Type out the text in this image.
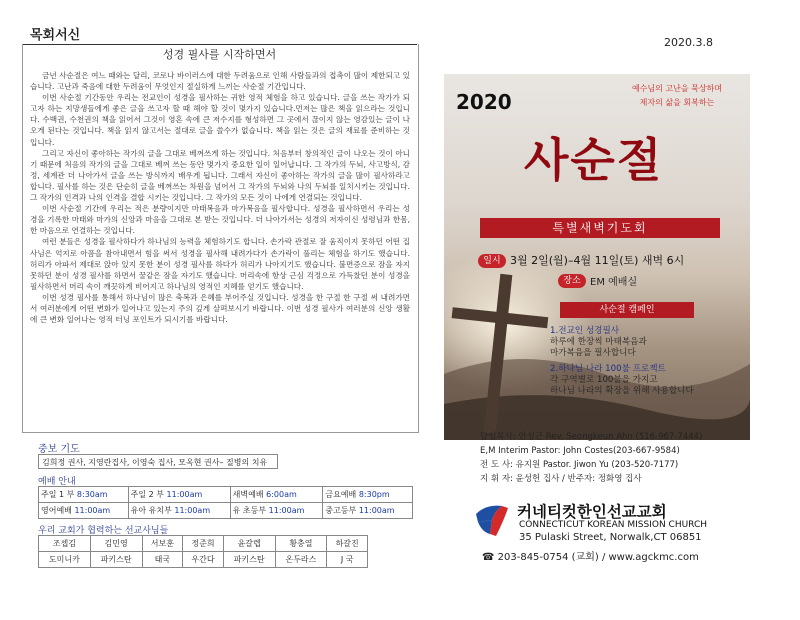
목회서신
성경 필사를 시작하면서

금년 사순절은 여느 때와는 달리, 코로나 바이러스에 대한 두려움으로 인해 사람들과의 접촉이 많이 제한되고 있습니다. 고난과 죽음에 대한 두려움이 무엇인지 절실하게 느끼는 사순절 기간입니다.

이번 사순절 기간동안 우리는 전교인이 성경을 필사하는 귀한 영적 체험을 하고 있습니다. 글을 쓰는 작가가 되고자 하는 지망생들에게 좋은 글을 쓰고자 할 때 해야 할 것이 몇가지 있습니다.먼저는 많은 책을 읽으라는 것입니다. 수백권, 수천권의 책을 읽어서 그것이 영혼 속에 큰 저수지를 형성하면 그 곳에서 끊이지 않는 영감있는 글이 나오게 된다는 것입니다. 책을 읽지 않고서는 절대로 글을 쓸수가 없습니다. 책을 읽는 것은 글의 재료를 준비하는 것입니다.

그리고 자신이 좋아하는 작가의 글을 그대로 베껴쓰게 하는 것입니다. 처음부터 창의적인 글이 나오는 것이 아니기 때문에 처음의 작가의 글을 그대로 베껴 쓰는 동안 몇가지 중요한 일이 일어납니다. 그 작가의 두뇌, 사고방식, 감정, 세계관 더 나아가서 글을 쓰는 방식까지 배우게 됩니다. 그래서 자신이 좋아하는 작가의 글을 많이 필사하라고 합니다. 필사를 하는 것은 단순히 글을 베껴쓰는 차원을 넘어서 그 작가의 두뇌와 나의 두뇌를 일치시키는 것입니다. 그 작가의 인격과 나의 인격을 결합 시키는 것입니다. 그 작가의 모든 것이 나에게 연결되는 것입니다.

이번 사순절 기간에 우리는 적은 분량이지만 마태복음과 마가복음을 필사합니다. 성경을 필사하면서 우리는 성경을 기록한 마태와 마가의 신앙과 마음을 그대로 본 받는 것입니다. 더 나아가서는 성경의 저자이신 성령님과 한몸, 한 마음으로 연결하는 것입니다.

여런 분들은 성경을 필사하다가 하나님의 능력을 체험하기도 합니다. 손가락 관절로 잘 움직이지 못하던 어떤 집사님은 억지로 아픔을 참아내면서 힘을 써서 성경을 필사해 내려가다가 손가락이 풀리는 체험을 하기도 했습니다. 허리가 아파서 제대로 앉아 있지 못한 분이 성경 필사를 하다가 허리가 나아지기도 했습니다. 불면증으로 잠을 자지 못하던 분이 성경 필사를 하면서 꿀같은 잠을 자기도 했습니다. 머리속에 항상 근심 걱정으로 가득찼던 분이 성경을 필사하면서 머리 속이 깨끗하게 비어지고 하나님의 영적인 지혜를 얻기도 했습니다.

이번 성경 필사를 통해서 하나님이 많은 축복과 은혜를 부어주실 것입니다. 성경을 한 구절 한 구절 써 내려가면서 여러분에게 어떤 변화가 일어나고 있는지 주의 깊게 살펴보시기 바랍니다. 이번 성경 필사가 여러분의 신앙 생활에 큰 변화 일어나는 영적 터닝 포인트가 되시기를 바랍니다.

중보 기도
김희정 권사, 지영란집사, 이영숙 집사, 모옥현 권사– 질병의 치유
예배 안내
주일 1 부 8:30am	주일 2 부 11:00am	새벽예배 6:00am	금요예배 8:30pm
영어예배 11:00am	유아 유치부 11:00am	유 초등부 11:00am	중고등부 11:00am
우리 교회가 협력하는 선교사님들
조셉김	김민영	서보훈	정준희	윤갈렙	황충열	하갈진
도미니카	파키스탄	태국	우간다	파키스탄	온두라스	J 국
2020.3.8
2020
예수님의 고난을 묵상하며
제자의 삶을 회복하는
사순절
특별새벽기도회
일시 3월 2일(월)–4월 11일(토) 새벽 6시
장소 EM 예배실
사순절 캠페인
1.전교인 성경필사
하루에 한장씩 마태복음과
마가복음을 필사합니다
2.하나님 나라 100불 프로젝트
각 구역별로 100불을 가지고
하나님 나라의 확장을 위해 사용합니다
담임목사: 안성근 Rev. Seongkeun Ahn (516-967-7444)
E,M Interim Pastor: John Costes(203-667-9584)
전 도 사: 유지원 Pastor. Jiwon Yu (203-520-7177)
지 휘 자: 윤성헌 집사 / 반주자: 정화영 집사
커네티컷한인선교교회
CONNECTICUT KOREAN MISSION CHURCH
35 Pulaski Street, Norwalk,CT 06851
☎ 203-845-0754 (교회) / www.agckmc.com
